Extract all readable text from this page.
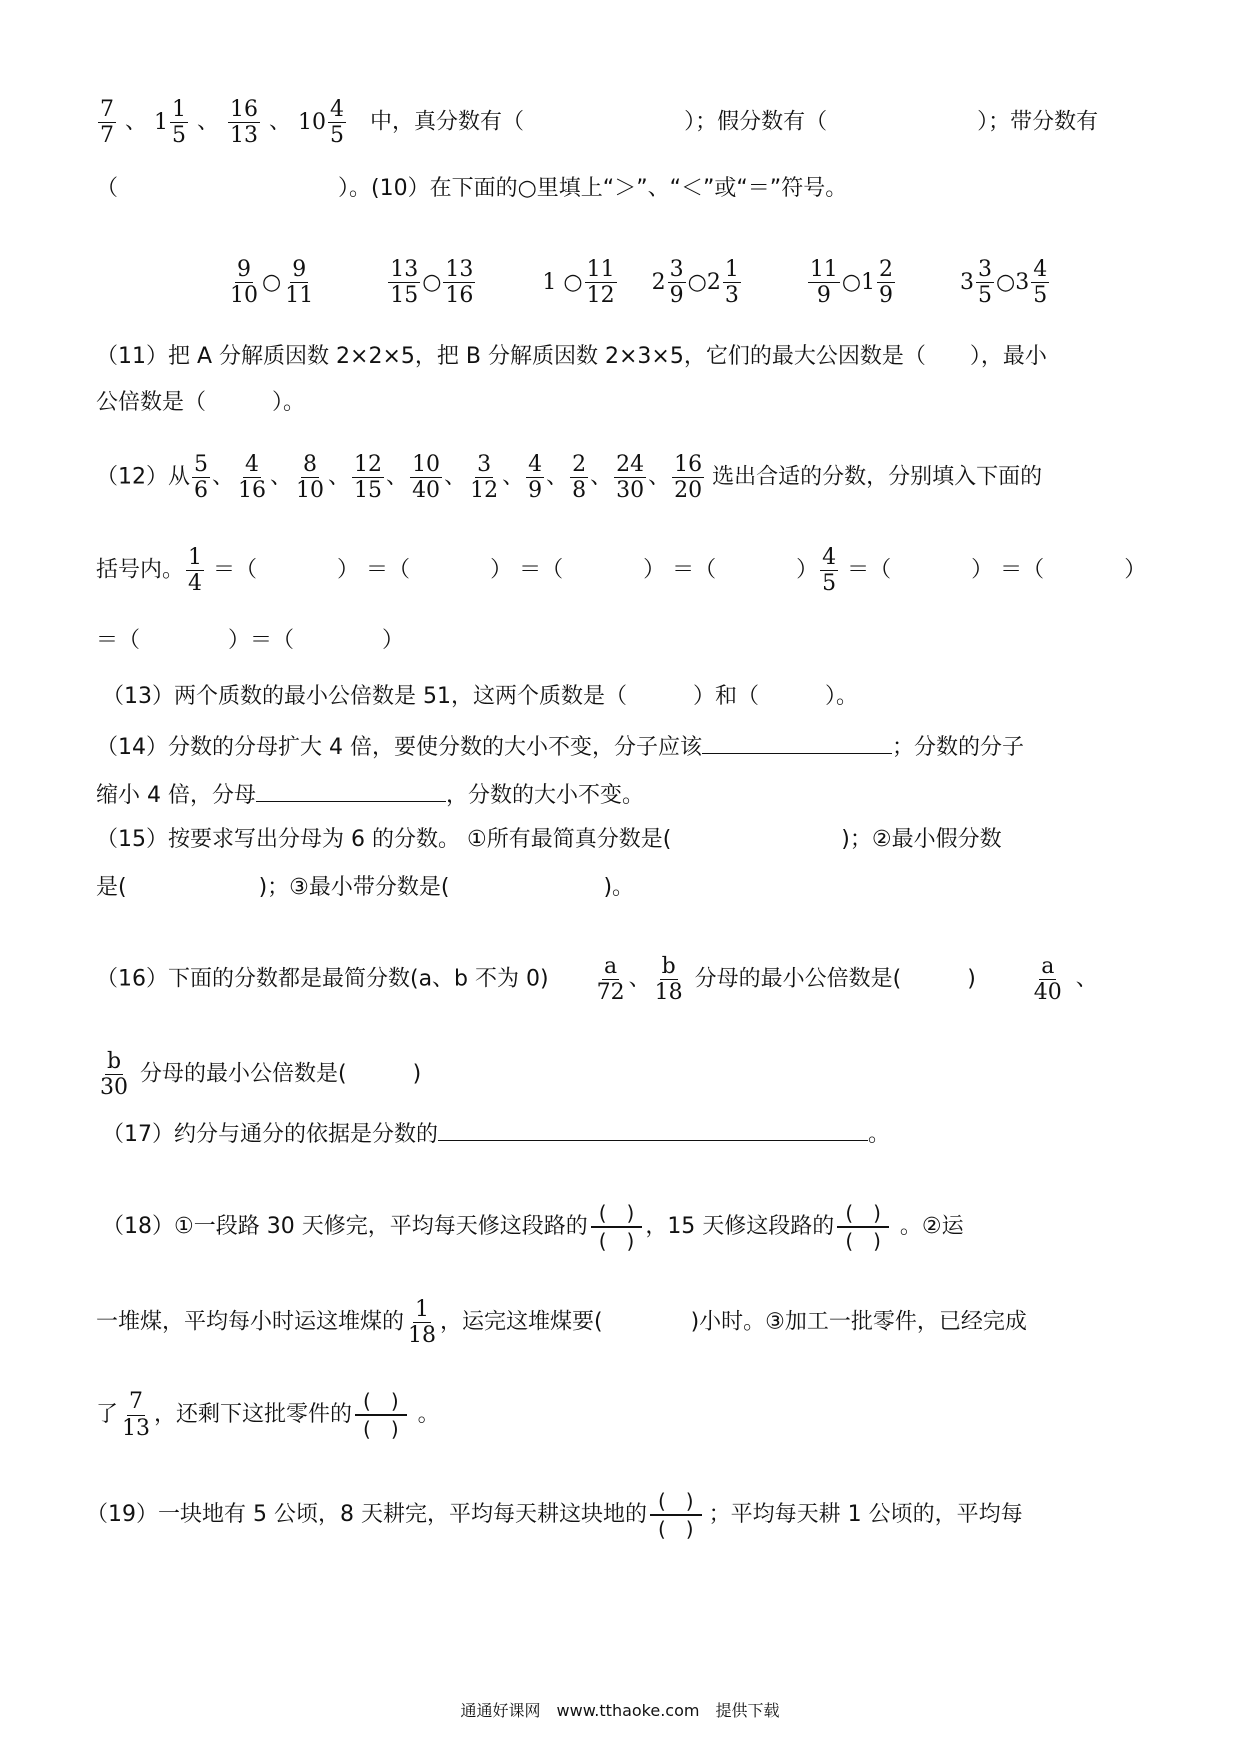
$\frac{7}{7}$ 、 1
1
5
、 $\frac{16}{13}$ 、 10
4
5
中，真分数有（	）；假分数有（	）；带分数有
（	）。(10）在下面的○里填上“＞”、“＜”或“＝”符号。
$\frac{9}{10}$ ○ $\frac{9}{11}$
	$\frac{13}{15}$ ○ $\frac{13}{16}$	1 ○ $\frac{11}{12}$
2
3
9
○ 2
1
3
	$\frac{11}{9}$ ○ 1
2
9

3
3
5
○ 3
4
5
（11）把 A 分解质因数 2×2×5，把 B 分解质因数 2×3×5，它们的最大公因数是（　　），最小
公倍数是（　　　）。
（12）从 $\frac{5}{6}$ 、 $\frac{4}{16}$ 、 $\frac{8}{10}$ 、 $\frac{12}{15}$ 、 $\frac{10}{40}$ 、 $\frac{3}{12}$ 、 $\frac{4}{9}$ 、 $\frac{2}{8}$ 、 $\frac{24}{30}$ 、 $\frac{16}{20}$ 选出合适的分数，分别填入下面的
括号内。 $\frac{1}{4}$ ＝（	） ＝（	） ＝（	） ＝（	） $\frac{4}{5}$ ＝（	） ＝（	）
＝（　　　　）＝（　　　　）
（13）两个质数的最小公倍数是 51，这两个质数是（　　　）和（　　　）。
（14）分数的分母扩大 4 倍，要使分数的大小不变，分子应该	；分数的分子
缩小 4 倍，分母	，分数的大小不变。
（15）按要求写出分母为 6 的分数。 ①所有最简真分数是(	)；②最小假分数
是(　　　　　　)；③最小带分数是(　　　　　　　)。
（16）下面的分数都是最简分数(a、b 不为 $0) \frac{a}{72}$ 、 $\frac{b}{18}$ 分母的最小公倍数是(　　　)	$\frac{a}{40}$ 、
$\frac{b}{30}$ 分母的最小公倍数是(　　　)
（17）约分与通分的依据是分数的	。
（18）①一段路 30 天修完，平均每天修这段路的
(　)
(　)
，15 天修这段路的
(　)
(　)
。②运
一堆煤，平均每小时运这堆煤的 $\frac{1}{18}$ ，运完这堆煤要(　　　　)小时。③加工一批零件，已经完成
了 $\frac{7}{13}$ ，还剩下这批零件的
(　)
(　)
。
（19）一块地有 5 公顷，8 天耕完，平均每天耕这块地的
(　)
(　)
；平均每天耕 1 公顷的，平均每
通通好课网　www.tthaoke.com　提供下载
